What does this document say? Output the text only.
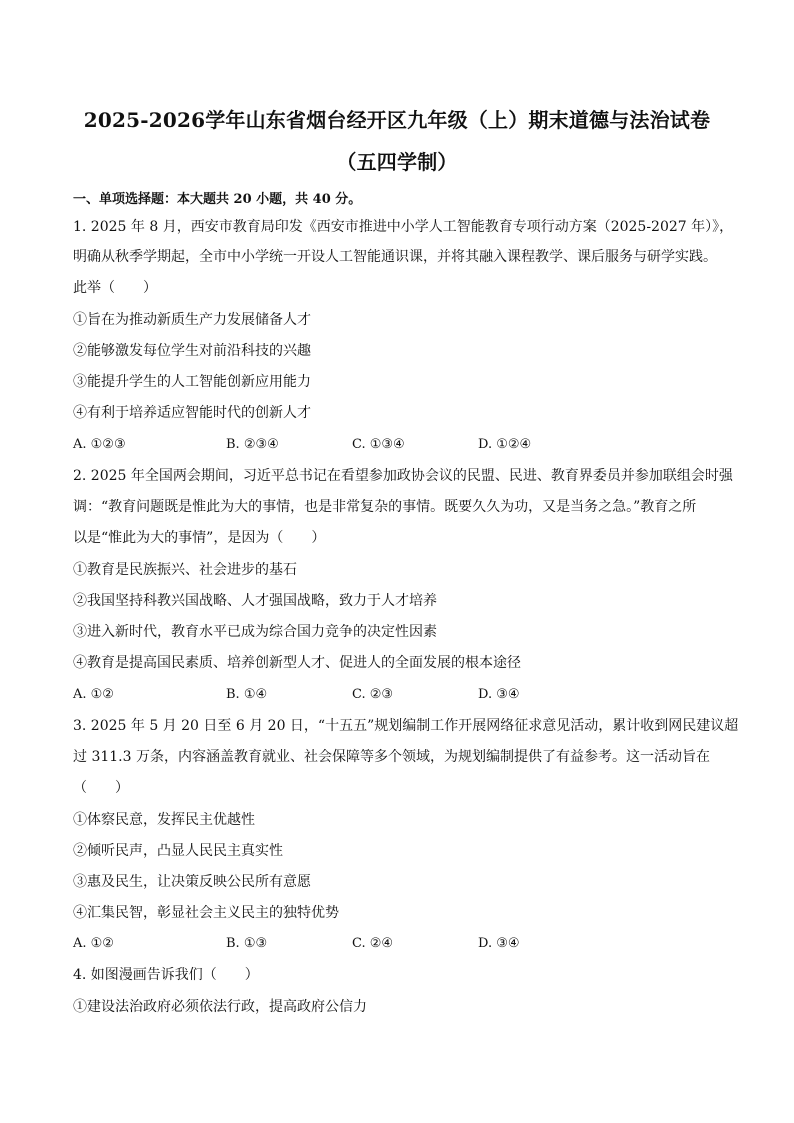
2025-2026学年山东省烟台经开区九年级（上）期末道德与法治试卷
（五四学制）
一、单项选择题：本大题共 20 小题，共 40 分。
1. 2025 年 8 月，西安市教育局印发《西安市推进中小学人工智能教育专项行动方案（2025-2027 年）》，
明确从秋季学期起，全市中小学统一开设人工智能通识课，并将其融入课程教学、课后服务与研学实践。
此举（　　）
①旨在为推动新质生产力发展储备人才
②能够激发每位学生对前沿科技的兴趣
③能提升学生的人工智能创新应用能力
④有利于培养适应智能时代的创新人才
A. ①②③	B. ②③④	C. ①③④	D. ①②④
2. 2025 年全国两会期间，习近平总书记在看望参加政协会议的民盟、民进、教育界委员并参加联组会时强
调：“教育问题既是惟此为大的事情，也是非常复杂的事情。既要久久为功，又是当务之急。”教育之所
以是“惟此为大的事情”，是因为（　　）
①教育是民族振兴、社会进步的基石
②我国坚持科教兴国战略、人才强国战略，致力于人才培养
③进入新时代，教育水平已成为综合国力竞争的决定性因素
④教育是提高国民素质、培养创新型人才、促进人的全面发展的根本途径
A. ①②	B. ①④	C. ②③	D. ③④
3. 2025 年 5 月 20 日至 6 月 20 日，“十五五”规划编制工作开展网络征求意见活动，累计收到网民建议超
过 311.3 万条，内容涵盖教育就业、社会保障等多个领域，为规划编制提供了有益参考。这一活动旨在
（　　）
①体察民意，发挥民主优越性
②倾听民声，凸显人民民主真实性
③惠及民生，让决策反映公民所有意愿
④汇集民智，彰显社会主义民主的独特优势
A. ①②	B. ①③	C. ②④	D. ③④
4. 如图漫画告诉我们（　　）
①建设法治政府必须依法行政，提高政府公信力
